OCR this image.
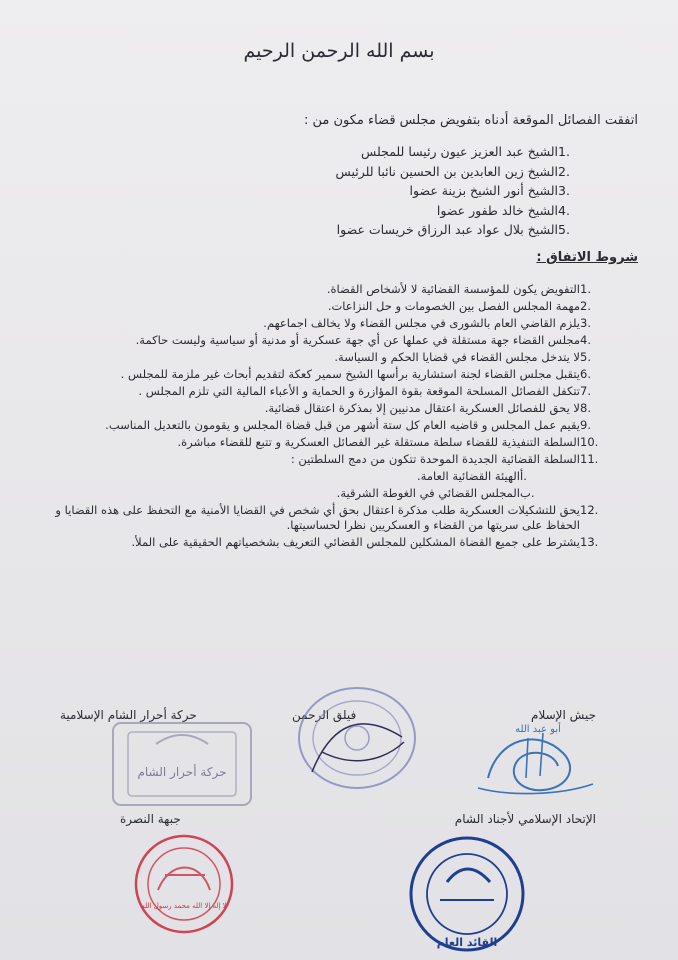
بسم الله الرحمن الرحيم
اتفقت الفصائل الموقعة أدناه بتفويض مجلس قضاء مكون من :
1.
الشيخ عبد العزيز عيون رئيسا للمجلس
2.
الشيخ زين العابدين بن الحسين نائبا للرئيس
3.
الشيخ أنور الشيخ بزينة عضوا
4.
الشيخ خالد طفور عضوا
5.
الشيخ بلال عواد عبد الرزاق خريسات عضوا
شروط الاتفاق :
1.
التفويض يكون للمؤسسة القضائية لا لأشخاص القضاة.
2.
مهمة المجلس الفصل بين الخصومات و حل النزاعات.
3.
يلزم القاضي العام بالشورى في مجلس القضاء ولا يخالف اجماعهم.
4.
مجلس القضاء جهة مستقلة في عملها عن أي جهة عسكرية أو مدنية أو سياسية وليست حاكمة.
5.
لا يتدخل مجلس القضاء في قضايا الحكم و السياسة.
6.
يتقبل مجلس القضاء لجنة استشارية برأسها الشيخ سمير كعكة لتقديم أبحاث غير ملزمة للمجلس .
7.
تتكفل الفصائل المسلحة الموقعة بقوة المؤازرة و الحماية و الأعباء المالية التي تلزم المجلس .
8.
لا يحق للفصائل العسكرية اعتقال مدنيين إلا بمذكرة اعتقال قضائية.
9.
يقيم عمل المجلس و قاضيه العام كل ستة أشهر من قبل قضاة المجلس و يقومون بالتعديل المناسب.
10.
السلطة التنفيذية للقضاء سلطة مستقلة غير الفصائل العسكرية و تتبع للقضاء مباشرة.
11.
السلطة القضائية الجديدة الموحدة تتكون من دمج السلطتين :
أ.
الهيئة القضائية العامة.
ب.
المجلس القضائي في الغوطة الشرقية.
12.
يحق للتشكيلات العسكرية طلب مذكرة اعتقال بحق أي شخص في القضايا الأمنية مع التحفظ على هذه القضايا و الحفاظ على سريتها من القضاء و العسكريين نظرا لحساسيتها.
13.
يشترط على جميع القضاة المشكلين للمجلس القضائي التعريف بشخصياتهم الحقيقية على الملأ.
جيش الإسلام
فيلق الرحمن
حركة أحرار الشام الإسلامية
أبو عبد الله
حركة أحرار الشام
الإتحاد الإسلامي لأجناد الشام
جبهة النصرة
القائد العام
لا إله إلا الله محمد رسول الله
